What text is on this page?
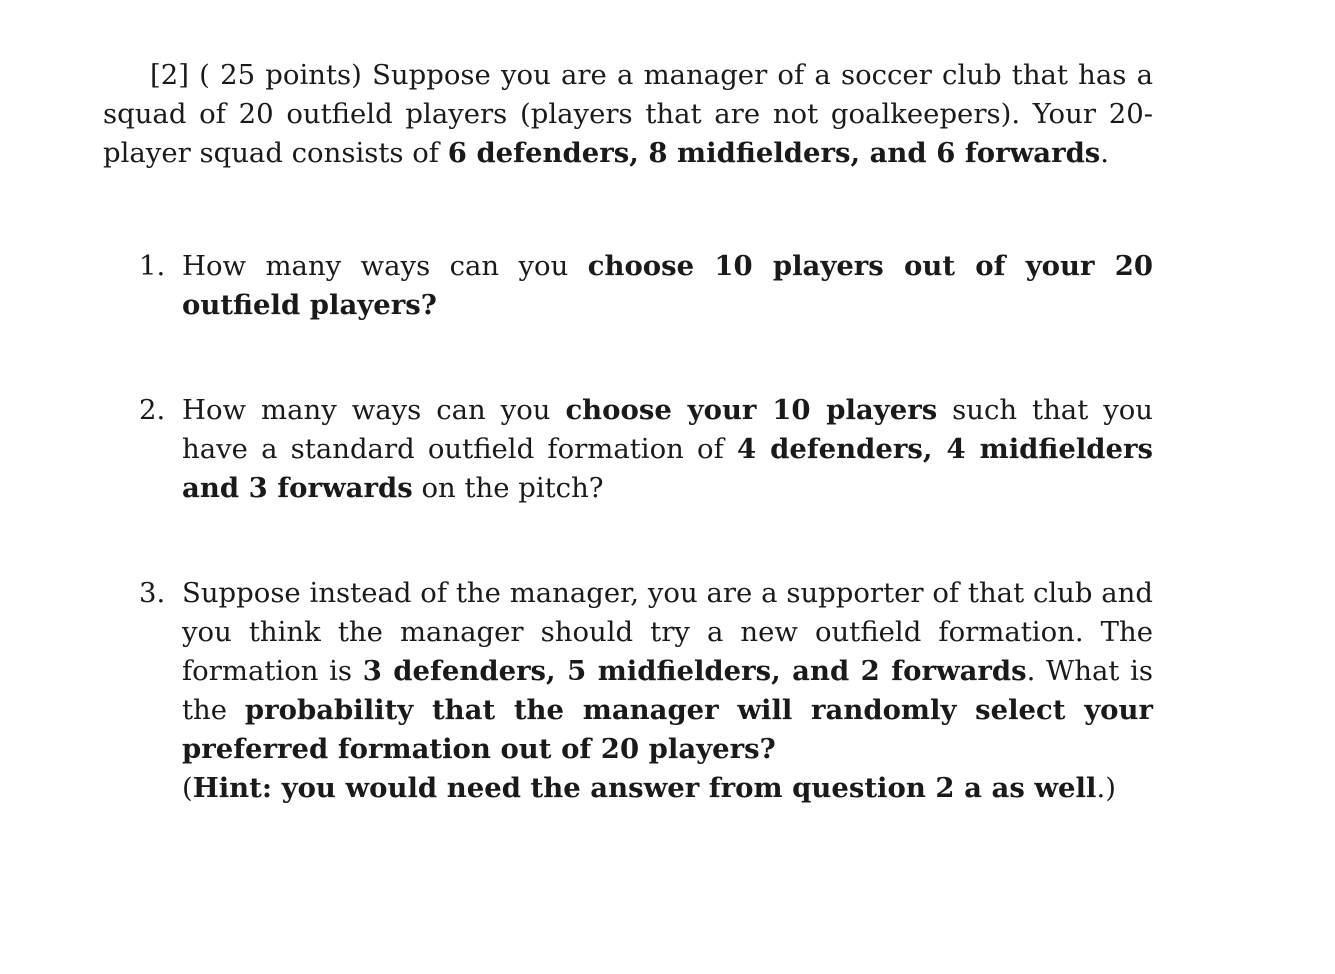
[2] ( 25 points) Suppose you are a manager of a soccer club that has a squad of 20 outfield players (players that are not goalkeepers). Your 20-player squad consists of 6 defenders, 8 midfielders, and 6 forwards.

1. How many ways can you choose 10 players out of your 20 outfield players?
2. How many ways can you choose your 10 players such that you have a standard outfield formation of 4 defenders, 4 midfielders and 3 forwards on the pitch?
3. Suppose instead of the manager, you are a supporter of that club and you think the manager should try a new outfield formation. The formation is 3 defenders, 5 midfielders, and 2 forwards. What is the probability that the manager will randomly select your preferred formation out of 20 players?
(Hint: you would need the answer from question 2 a as well.)
